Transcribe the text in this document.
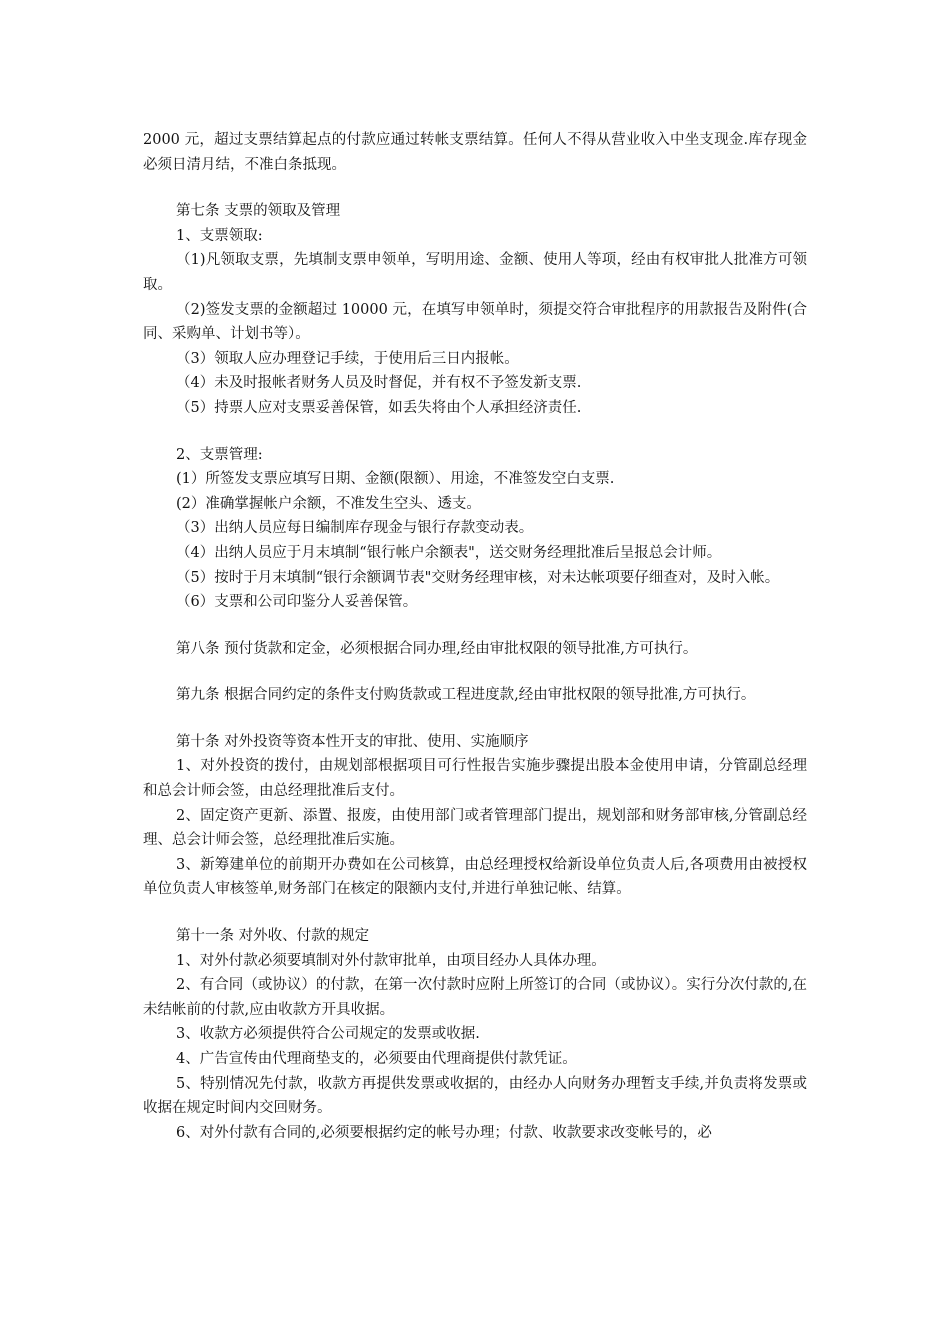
2000 元，超过支票结算起点的付款应通过转帐支票结算。任何人不得从营业收入中坐支现金.库存现金必须日清月结，不准白条抵现。

第七条 支票的领取及管理

1、支票领取:

（1)凡领取支票，先填制支票申领单，写明用途、金额、使用人等项，经由有权审批人批准方可领取。

（2)签发支票的金额超过 10000 元，在填写申领单时，须提交符合审批程序的用款报告及附件(合同、采购单、计划书等）。

（3）领取人应办理登记手续，于使用后三日内报帐。

（4）未及时报帐者财务人员及时督促，并有权不予签发新支票.

（5）持票人应对支票妥善保管，如丢失将由个人承担经济责任.

2、支票管理:

(1）所签发支票应填写日期、金额(限额）、用途，不准签发空白支票.

(2）准确掌握帐户余额，不准发生空头、透支。

（3）出纳人员应每日编制库存现金与银行存款变动表。

（4）出纳人员应于月末填制“银行帐户余额表"，送交财务经理批准后呈报总会计师。

（5）按时于月末填制“银行余额调节表"交财务经理审核，对未达帐项要仔细查对，及时入帐。

（6）支票和公司印鉴分人妥善保管。

第八条 预付货款和定金，必须根据合同办理,经由审批权限的领导批准,方可执行。

第九条 根据合同约定的条件支付购货款或工程进度款,经由审批权限的领导批准,方可执行。

第十条 对外投资等资本性开支的审批、使用、实施顺序

1、对外投资的拨付，由规划部根据项目可行性报告实施步骤提出股本金使用申请，分管副总经理和总会计师会签，由总经理批准后支付。

2、固定资产更新、添置、报废，由使用部门或者管理部门提出，规划部和财务部审核,分管副总经理、总会计师会签，总经理批准后实施。

3、新筹建单位的前期开办费如在公司核算，由总经理授权给新设单位负责人后,各项费用由被授权单位负责人审核签单,财务部门在核定的限额内支付,并进行单独记帐、结算。

第十一条 对外收、付款的规定

1、对外付款必须要填制对外付款审批单，由项目经办人具体办理。

2、有合同（或协议）的付款，在第一次付款时应附上所签订的合同（或协议）。实行分次付款的,在未结帐前的付款,应由收款方开具收据。

3、收款方必须提供符合公司规定的发票或收据.

4、广告宣传由代理商垫支的，必须要由代理商提供付款凭证。

5、特别情况先付款，收款方再提供发票或收据的，由经办人向财务办理暂支手续,并负责将发票或收据在规定时间内交回财务。

6、对外付款有合同的,必须要根据约定的帐号办理；付款、收款要求改变帐号的，必
